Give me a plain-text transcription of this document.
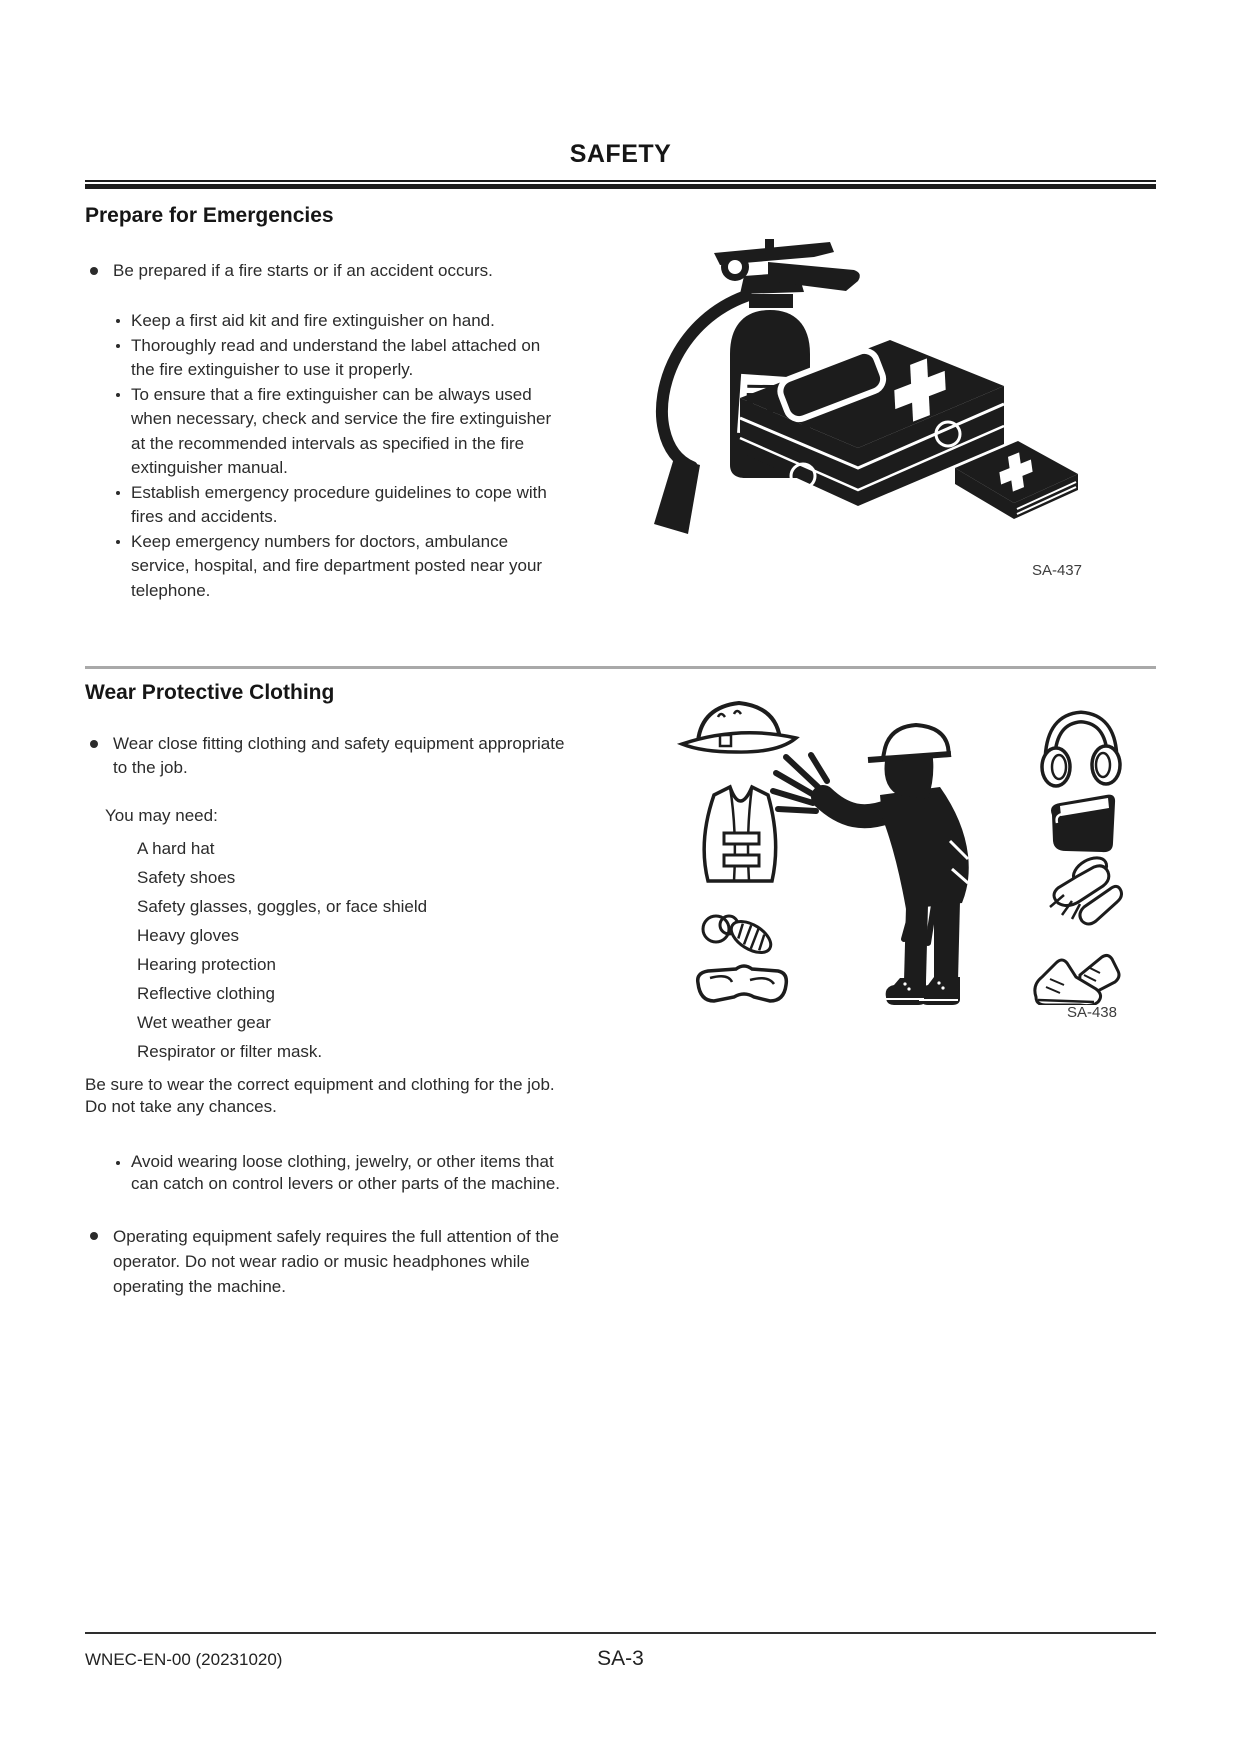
SAFETY
Prepare for Emergencies
Be prepared if a fire starts or if an accident occurs.
Keep a first aid kit and fire extinguisher on hand.
Thoroughly read and understand the label attached on the fire extinguisher to use it properly.
To ensure that a fire extinguisher can be always used when necessary, check and service the fire extinguisher at the recommended intervals as specified in the fire extinguisher manual.
Establish emergency procedure guidelines to cope with fires and accidents.
Keep emergency numbers for doctors, ambulance service, hospital, and fire department posted near your telephone.
SA-437
Wear Protective Clothing
Wear close fitting clothing and safety equipment appropriate to the job.
You may need:
A hard hat
Safety shoes
Safety glasses, goggles, or face shield
Heavy gloves
Hearing protection
Reflective clothing
Wet weather gear
Respirator or filter mask.
Be sure to wear the correct equipment and clothing for the job. Do not take any chances.
Avoid wearing loose clothing, jewelry, or other items that can catch on control levers or other parts of the machine.
Operating equipment safely requires the full attention of the operator. Do not wear radio or music headphones while operating the machine.
SA-438
WNEC-EN-00 (20231020)	SA-3
